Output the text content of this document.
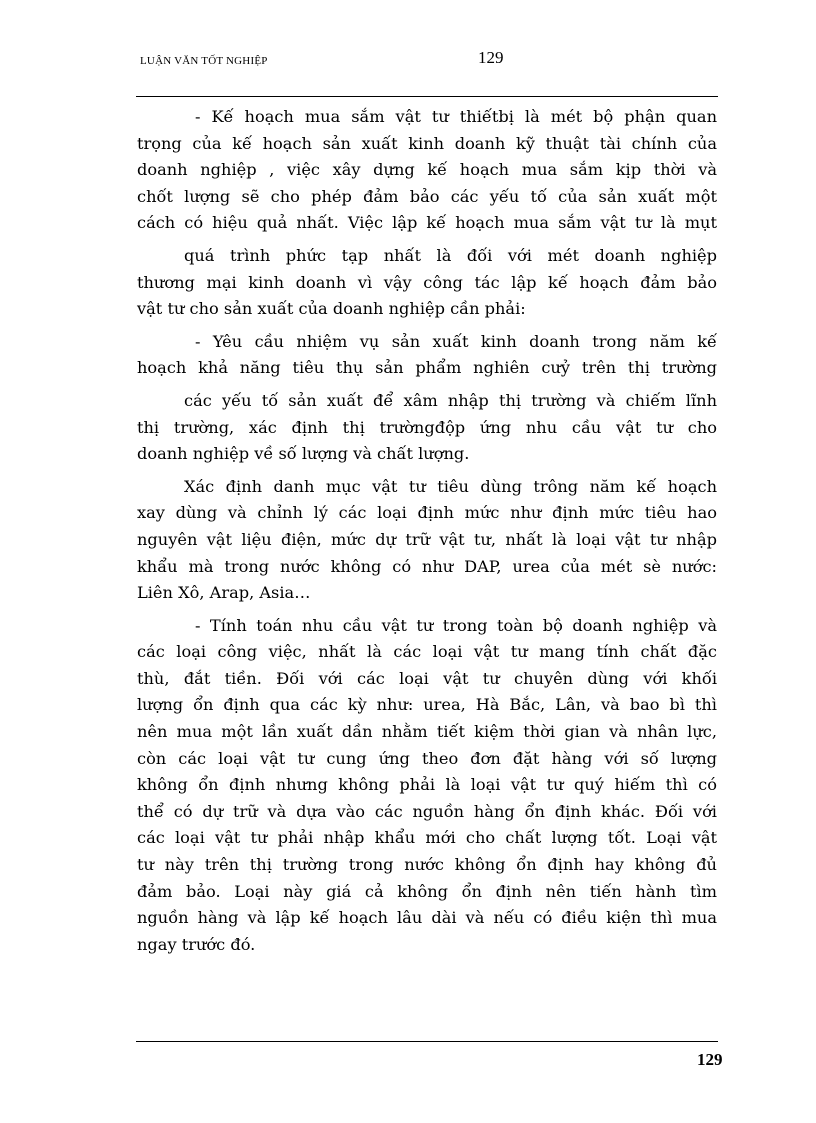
LUẬN VĂN TỐT NGHIỆP	129
- Kế hoạch mua sắm vật tư thiếtbị là mét bộ phận quan
trọng của kế hoạch sản xuất kinh doanh kỹ thuật tài chính của
doanh nghiệp , việc xây dựng kế hoạch mua sắm kịp thời và
chốt lượng sẽ cho phép đảm bảo các yếu tố của sản xuất một
cách có hiệu quả nhất. Việc lập kế hoạch mua sắm vật tư là mụt
quá trình phức tạp nhất là đối với mét doanh nghiệp
thương mại kinh doanh vì vậy công tác lập kế hoạch đảm bảo
vật tư cho sản xuất của doanh nghiệp cần phải:
- Yêu cầu nhiệm vụ sản xuất kinh doanh trong năm kế
hoạch khả năng tiêu thụ sản phẩm nghiên cưỷ trên thị trường
các yếu tố sản xuất để xâm nhập thị trường và chiếm lĩnh
thị trường, xác định thị trườngđộp ứng nhu cầu vật tư cho
doanh nghiệp về số lượng và chất lượng.
Xác định danh mục vật tư tiêu dùng trông năm kế hoạch
xay dùng và chỉnh lý các loại định mức như định mức tiêu hao
nguyên vật liệu điện, mức dự trữ vật tư, nhất là loại vật tư nhập
khẩu mà trong nước không có như DAP, urea của mét sè nước:
Liên Xô, Arap, Asia…
- Tính toán nhu cầu vật tư trong toàn bộ doanh nghiệp và
các loại công việc, nhất là các loại vật tư mang tính chất đặc
thù, đắt tiền. Đối với các loại vật tư chuyên dùng với khối
lượng ổn định qua các kỳ như: urea, Hà Bắc, Lân, và bao bì thì
nên mua một lần xuất dần nhằm tiết kiệm thời gian và nhân lực,
còn các loại vật tư cung ứng theo đơn đặt hàng với số lượng
không ổn định nhưng không phải là loại vật tư quý hiếm thì có
thể có dự trữ và dựa vào các nguồn hàng ổn định khác. Đối với
các loại vật tư phải nhập khẩu mới cho chất lượng tốt. Loại vật
tư này trên thị trường trong nước không ổn định hay không đủ
đảm bảo. Loại này giá cả không ổn định nên tiến hành tìm
nguồn hàng và lập kế hoạch lâu dài và nếu có điều kiện thì mua
ngay trước đó.
129
